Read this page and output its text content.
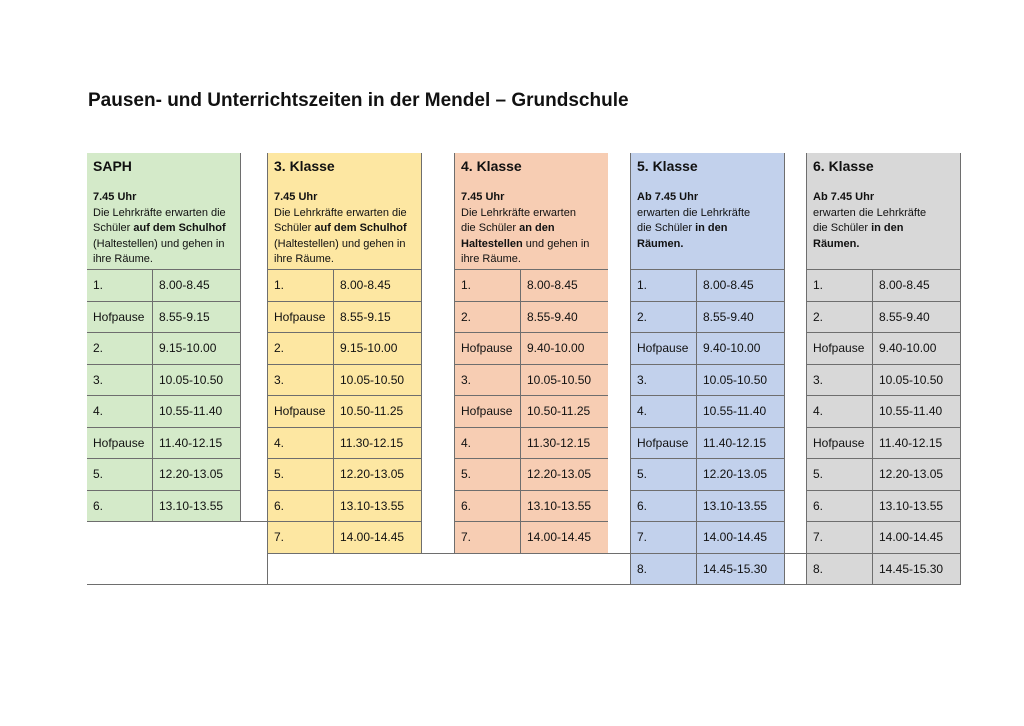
Pausen- und Unterrichtszeiten in der Mendel – Grundschule
SAPH
7.45 Uhr
Die Lehrkräfte erwarten die
Schüler auf dem Schulhof
(Haltestellen) und gehen in
ihre Räume.
1.	8.00-8.45
Hofpause	8.55-9.15
2.	9.15-10.00
3.	10.05-10.50
4.	10.55-11.40
Hofpause	11.40-12.15
5.	12.20-13.05
6.	13.10-13.55
3. Klasse
7.45 Uhr
Die Lehrkräfte erwarten die
Schüler auf dem Schulhof
(Haltestellen) und gehen in
ihre Räume.
1.	8.00-8.45
Hofpause	8.55-9.15
2.	9.15-10.00
3.	10.05-10.50
Hofpause	10.50-11.25
4.	11.30-12.15
5.	12.20-13.05
6.	13.10-13.55
7.	14.00-14.45
4. Klasse
7.45 Uhr
Die Lehrkräfte erwarten
die Schüler an den
Haltestellen und gehen in
ihre Räume.
1.	8.00-8.45
2.	8.55-9.40
Hofpause	9.40-10.00
3.	10.05-10.50
Hofpause	10.50-11.25
4.	11.30-12.15
5.	12.20-13.05
6.	13.10-13.55
7.	14.00-14.45
5. Klasse
Ab 7.45 Uhr
erwarten die Lehrkräfte
die Schüler in den
Räumen.
1.	8.00-8.45
2.	8.55-9.40
Hofpause	9.40-10.00
3.	10.05-10.50
4.	10.55-11.40
Hofpause	11.40-12.15
5.	12.20-13.05
6.	13.10-13.55
7.	14.00-14.45
8.	14.45-15.30
6. Klasse
Ab 7.45 Uhr
erwarten die Lehrkräfte
die Schüler in den
Räumen.
1.	8.00-8.45
2.	8.55-9.40
Hofpause	9.40-10.00
3.	10.05-10.50
4.	10.55-11.40
Hofpause	11.40-12.15
5.	12.20-13.05
6.	13.10-13.55
7.	14.00-14.45
8.	14.45-15.30
